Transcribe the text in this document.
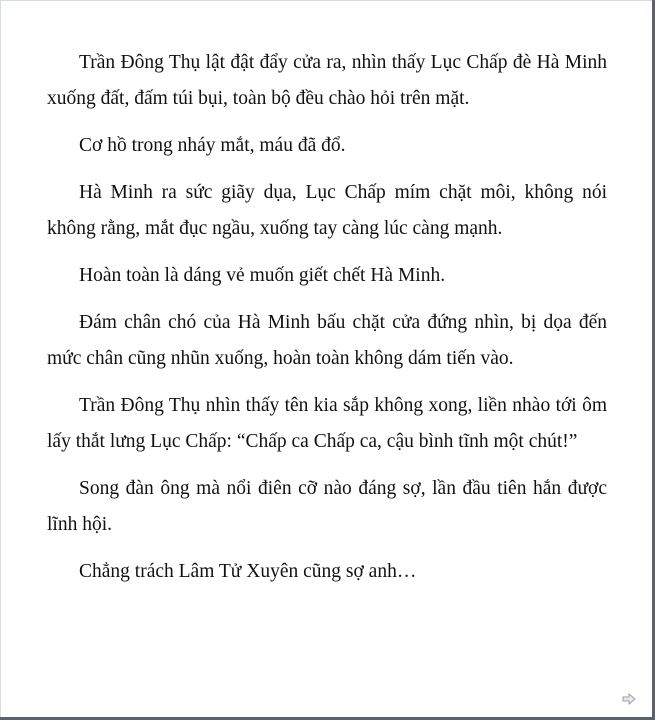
Trần Đông Thụ lật đật đẩy cửa ra, nhìn thấy Lục Chấp đè Hà Minh xuống đất, đấm túi bụi, toàn bộ đều chào hỏi trên mặt.

Cơ hồ trong nháy mắt, máu đã đổ.

Hà Minh ra sức giãy dụa, Lục Chấp mím chặt môi, không nói không rằng, mắt đục ngầu, xuống tay càng lúc càng mạnh.

Hoàn toàn là dáng vẻ muốn giết chết Hà Minh.

Đám chân chó của Hà Minh bấu chặt cửa đứng nhìn, bị dọa đến mức chân cũng nhũn xuống, hoàn toàn không dám tiến vào.

Trần Đông Thụ nhìn thấy tên kia sắp không xong, liền nhào tới ôm lấy thắt lưng Lục Chấp: “Chấp ca Chấp ca, cậu bình tĩnh một chút!”

Song đàn ông mà nổi điên cỡ nào đáng sợ, lần đầu tiên hắn được lĩnh hội.

Chẳng trách Lâm Tử Xuyên cũng sợ anh…
